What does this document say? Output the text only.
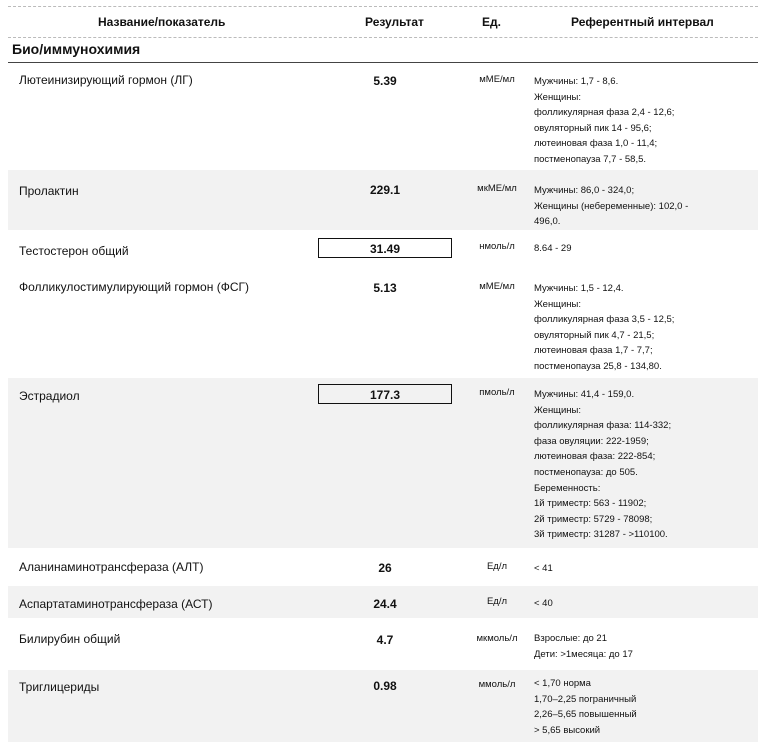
Название/показатель	Результат	Ед.	Референтный интервал
Био/иммунохимия
Лютеинизирующий гормон (ЛГ)	5.39	мМЕ/мл	Мужчины: 1,7 - 8,6.
Женщины:
фолликулярная фаза 2,4 - 12,6;
овуляторный пик 14 - 95,6;
лютеиновая фаза 1,0 - 11,4;
постменопауза 7,7 - 58,5.
Пролактин	229.1	мкМЕ/мл	Мужчины: 86,0 - 324,0;
Женщины (небеременные): 102,0 -
496,0.
Тестостерон общий	31.49	нмоль/л	8.64 - 29
Фолликулостимулирующий гормон (ФСГ)	5.13	мМЕ/мл	Мужчины: 1,5 - 12,4.
Женщины:
фолликулярная фаза 3,5 - 12,5;
овуляторный пик 4,7 - 21,5;
лютеиновая фаза 1,7 - 7,7;
постменопауза 25,8 - 134,80.
Эстрадиол	177.3	пмоль/л	Мужчины: 41,4 - 159,0.
Женщины:
фолликулярная фаза: 114-332;
фаза овуляции: 222-1959;
лютеиновая фаза: 222-854;
постменопауза: до 505.
Беременность:
1й триместр: 563 - 11902;
2й триместр: 5729 - 78098;
3й триместр: 31287 - >110100.
Аланинаминотрансфераза (АЛТ)	26	Ед/л	< 41
Аспартатаминотрансфераза (АСТ)	24.4	Ед/л	< 40
Билирубин общий	4.7	мкмоль/л	Взрослые: до 21
Дети: >1месяца: до 17
Триглицериды	0.98	ммоль/л	< 1,70 норма
1,70–2,25 пограничный
2,26–5,65 повышенный
> 5,65 высокий
